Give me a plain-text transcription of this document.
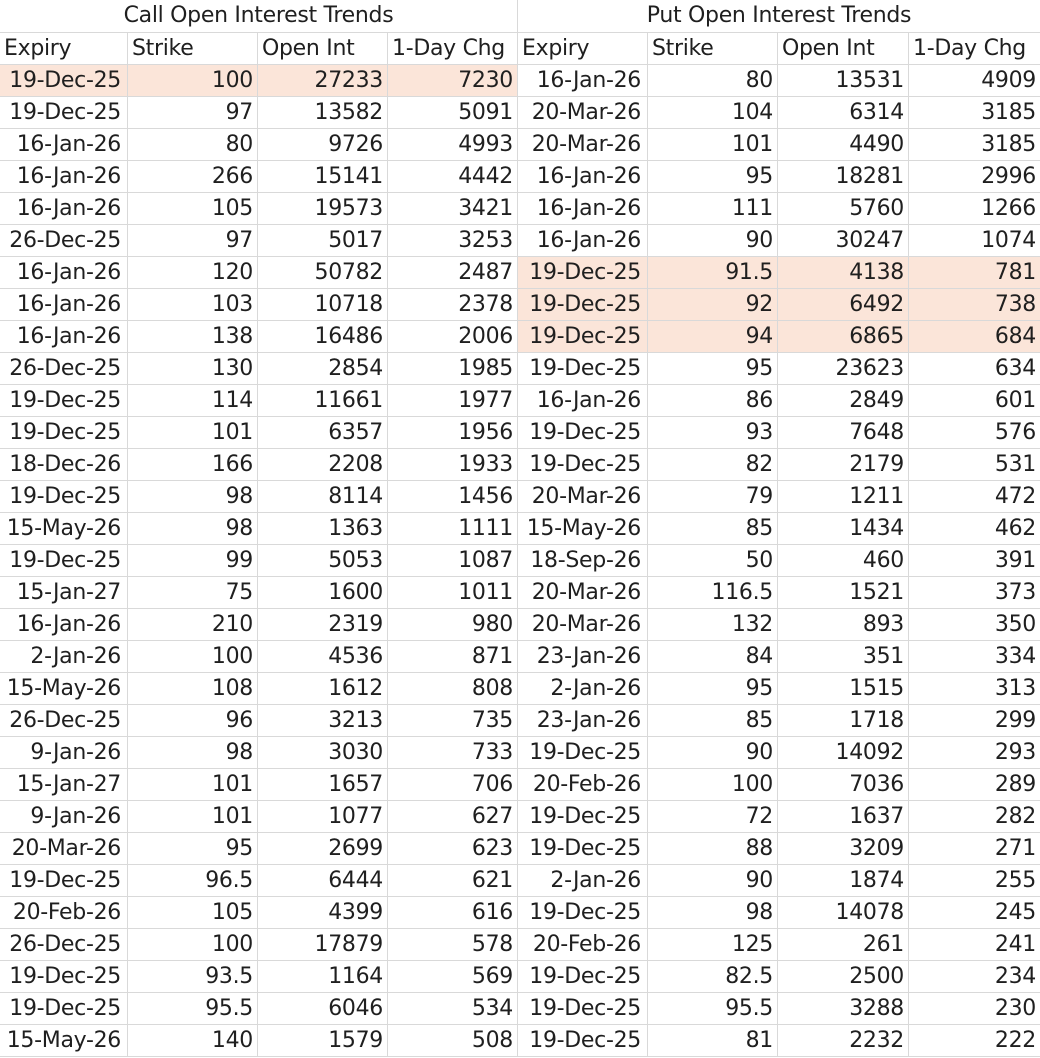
Call Open Interest Trends	Put Open Interest Trends
Expiry	Strike	Open Int	1-Day Chg Expiry	Strike	Open Int	1-Day Chg
19-Dec-25	100	27233	7230	16-Jan-26	80	13531	4909
19-Dec-25	97	13582	5091 20-Mar-26	104	6314	3185
16-Jan-26	80	9726	4993 20-Mar-26	101	4490	3185
16-Jan-26	266	15141	4442	16-Jan-26	95	18281	2996
16-Jan-26	105	19573	3421	16-Jan-26	111	5760	1266
26-Dec-25	97	5017	3253	16-Jan-26	90	30247	1074
16-Jan-26	120	50782	2487 19-Dec-25	91.5	4138	781
16-Jan-26	103	10718	2378 19-Dec-25	92	6492	738
16-Jan-26	138	16486	2006 19-Dec-25	94	6865	684
26-Dec-25	130	2854	1985 19-Dec-25	95	23623	634
19-Dec-25	114	11661	1977	16-Jan-26	86	2849	601
19-Dec-25	101	6357	1956 19-Dec-25	93	7648	576
18-Dec-26	166	2208	1933 19-Dec-25	82	2179	531
19-Dec-25	98	8114	1456 20-Mar-26	79	1211	472
15-May-26	98	1363	1111 15-May-26	85	1434	462
19-Dec-25	99	5053	1087 18-Sep-26	50	460	391
15-Jan-27	75	1600	1011 20-Mar-26	116.5	1521	373
16-Jan-26	210	2319	980 20-Mar-26	132	893	350
2-Jan-26	100	4536	871	23-Jan-26	84	351	334
15-May-26	108	1612	808	2-Jan-26	95	1515	313
26-Dec-25	96	3213	735	23-Jan-26	85	1718	299
9-Jan-26	98	3030	733 19-Dec-25	90	14092	293
15-Jan-27	101	1657	706 20-Feb-26	100	7036	289
9-Jan-26	101	1077	627 19-Dec-25	72	1637	282
20-Mar-26	95	2699	623 19-Dec-25	88	3209	271
19-Dec-25	96.5	6444	621	2-Jan-26	90	1874	255
20-Feb-26	105	4399	616 19-Dec-25	98	14078	245
26-Dec-25	100	17879	578 20-Feb-26	125	261	241
19-Dec-25	93.5	1164	569 19-Dec-25	82.5	2500	234
19-Dec-25	95.5	6046	534 19-Dec-25	95.5	3288	230
15-May-26	140	1579	508 19-Dec-25	81	2232	222
